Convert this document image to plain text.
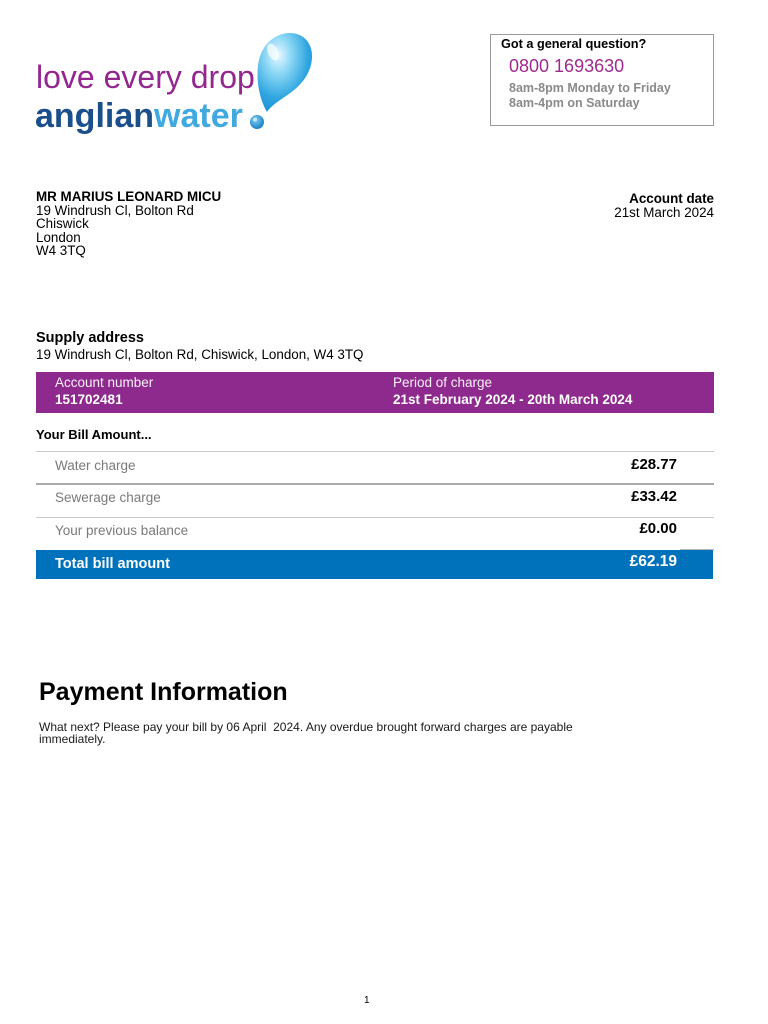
love every drop
anglianwater
Got a general question?
0800 1693630
8am-8pm Monday to Friday
8am-4pm on Saturday
MR MARIUS LEONARD MICU
19 Windrush Cl, Bolton Rd
Chiswick
London
W4 3TQ
Account date
21st March 2024
Supply address
19 Windrush Cl, Bolton Rd, Chiswick, London, W4 3TQ
Account number
151702481
Period of charge
21st February 2024 - 20th March 2024
Your Bill Amount...
Water charge	£28.77
Sewerage charge	£33.42
Your previous balance	£0.00
Total bill amount	£62.19
Payment Information
What next? Please pay your bill by 06 April  2024. Any overdue brought forward charges are payable immediately.
1
